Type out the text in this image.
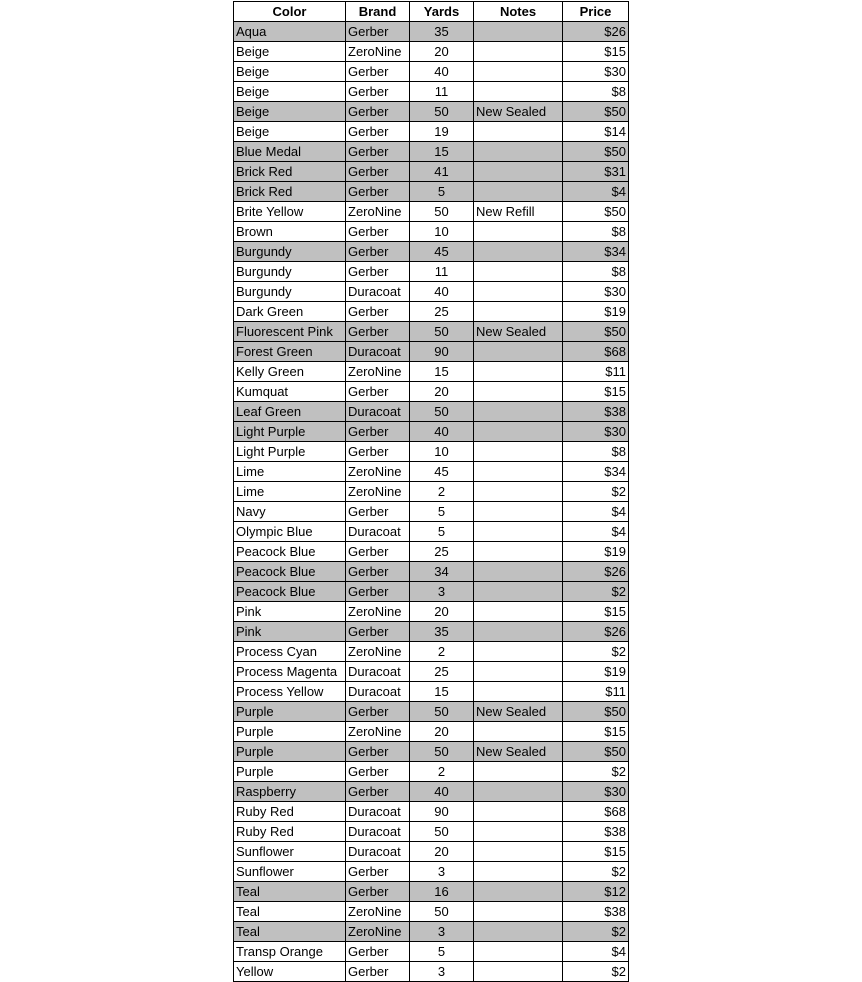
Color	Brand	Yards	Notes	Price
Aqua	Gerber	35		$26
Beige	ZeroNine	20		$15
Beige	Gerber	40		$30
Beige	Gerber	11		$8
Beige	Gerber	50	New Sealed	$50
Beige	Gerber	19		$14
Blue Medal	Gerber	15		$50
Brick Red	Gerber	41		$31
Brick Red	Gerber	5		$4
Brite Yellow	ZeroNine	50	New Refill	$50
Brown	Gerber	10		$8
Burgundy	Gerber	45		$34
Burgundy	Gerber	11		$8
Burgundy	Duracoat	40		$30
Dark Green	Gerber	25		$19
Fluorescent Pink	Gerber	50	New Sealed	$50
Forest Green	Duracoat	90		$68
Kelly Green	ZeroNine	15		$11
Kumquat	Gerber	20		$15
Leaf Green	Duracoat	50		$38
Light Purple	Gerber	40		$30
Light Purple	Gerber	10		$8
Lime	ZeroNine	45		$34
Lime	ZeroNine	2		$2
Navy	Gerber	5		$4
Olympic Blue	Duracoat	5		$4
Peacock Blue	Gerber	25		$19
Peacock Blue	Gerber	34		$26
Peacock Blue	Gerber	3		$2
Pink	ZeroNine	20		$15
Pink	Gerber	35		$26
Process Cyan	ZeroNine	2		$2
Process Magenta	Duracoat	25		$19
Process Yellow	Duracoat	15		$11
Purple	Gerber	50	New Sealed	$50
Purple	ZeroNine	20		$15
Purple	Gerber	50	New Sealed	$50
Purple	Gerber	2		$2
Raspberry	Gerber	40		$30
Ruby Red	Duracoat	90		$68
Ruby Red	Duracoat	50		$38
Sunflower	Duracoat	20		$15
Sunflower	Gerber	3		$2
Teal	Gerber	16		$12
Teal	ZeroNine	50		$38
Teal	ZeroNine	3		$2
Transp Orange	Gerber	5		$4
Yellow	Gerber	3		$2
